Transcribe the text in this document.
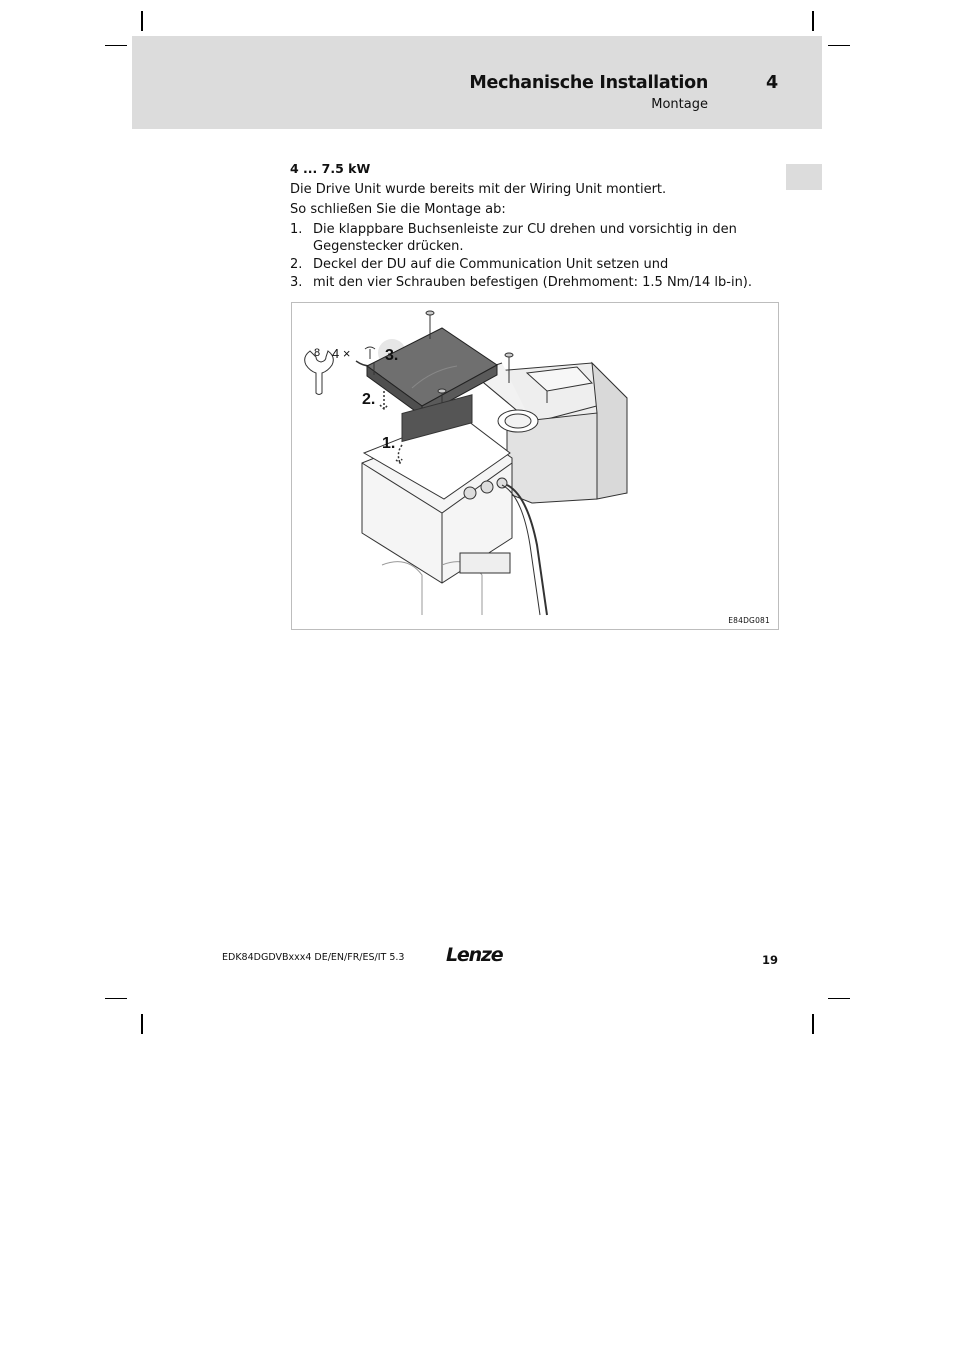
Mechanische Installation
Montage
4
4 ... 7.5 kW

Die Drive Unit wurde bereits mit der Wiring Unit montiert.

So schließen Sie die Montage ab:

1. Die klappbare Buchsenleiste zur CU drehen und vorsichtig in den Gegenstecker drücken.
2. Deckel der DU auf die Communication Unit setzen und
3. mit den vier Schrauben befestigen (Drehmoment: 1.5 Nm/14 lb-in).
8 4 × 3.
2.
1.
E84DG081
EDK84DGDVBxxx4 DE/EN/FR/ES/IT 5.3 Lenze	19
